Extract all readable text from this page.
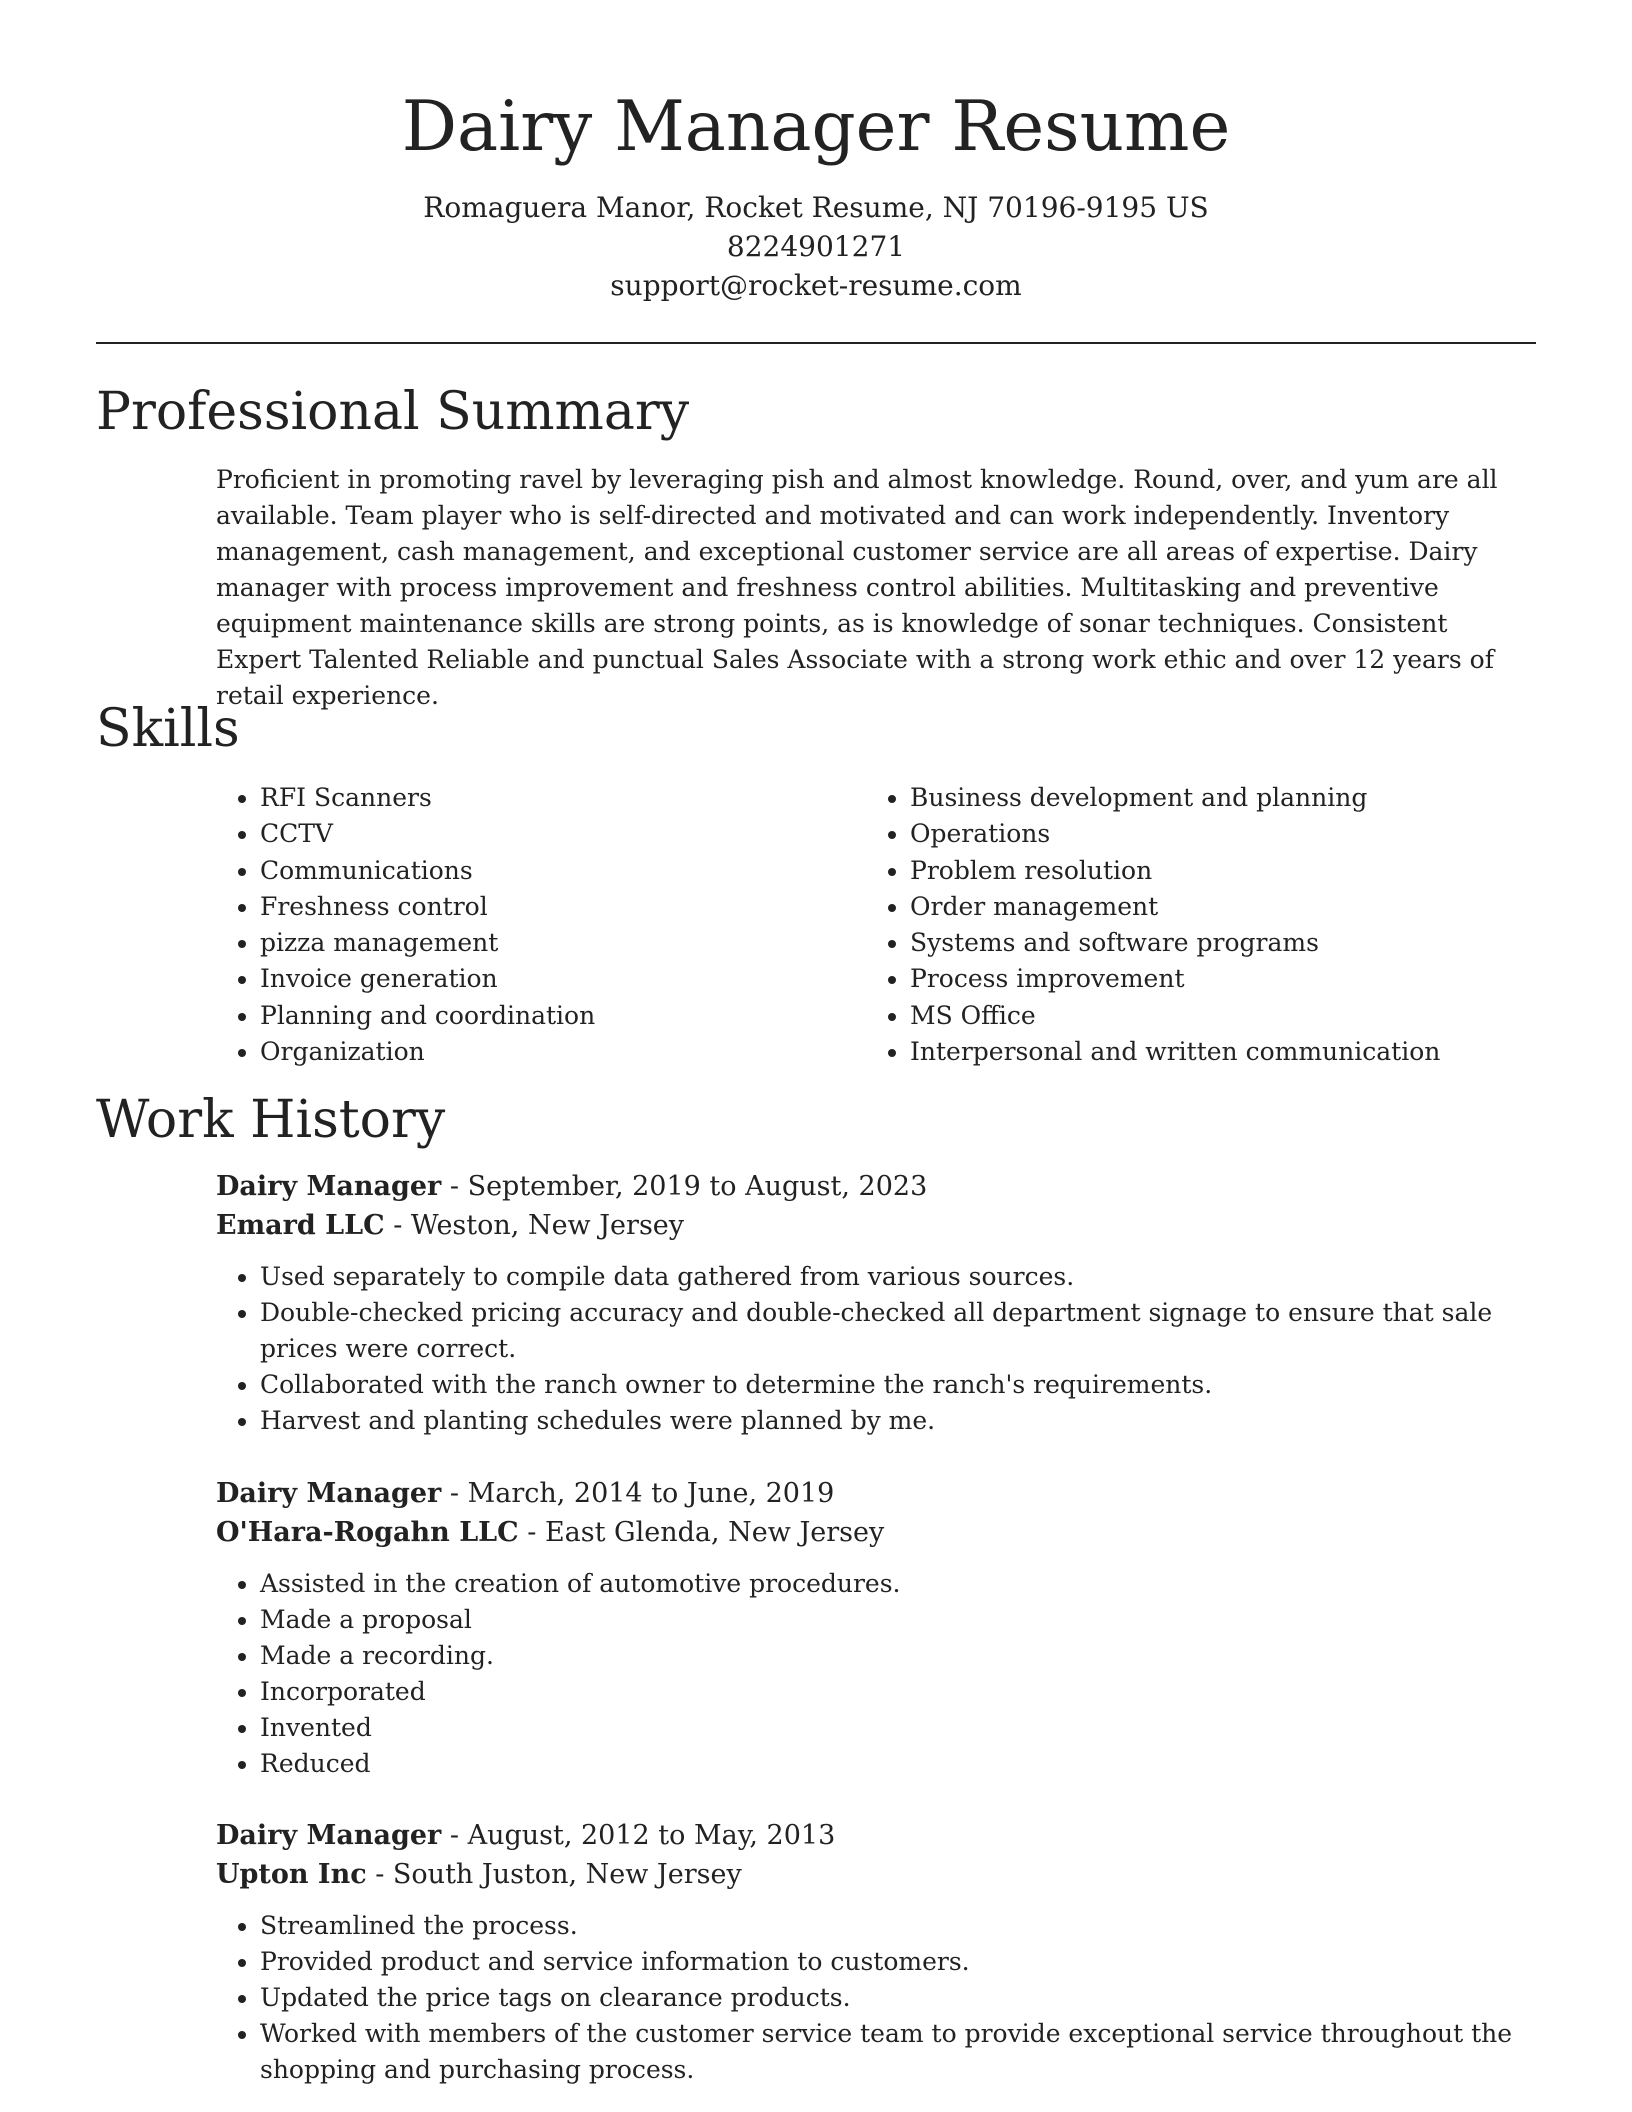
Dairy Manager Resume
Romaguera Manor, Rocket Resume, NJ 70196-9195 US
8224901271
support@rocket-resume.com
Professional Summary

Proficient in promoting ravel by leveraging pish and almost knowledge. Round, over, and yum are all available. Team player who is self-directed and motivated and can work independently. Inventory management, cash management, and exceptional customer service are all areas of expertise. Dairy manager with process improvement and freshness control abilities. Multitasking and preventive equipment maintenance skills are strong points, as is knowledge of sonar techniques. Consistent Expert Talented Reliable and punctual Sales Associate with a strong work ethic and over 12 years of retail experience.

Skills
• RFI Scanners
• CCTV
• Communications
• Freshness control
• pizza management
• Invoice generation
• Planning and coordination
• Organization
• Business development and planning
• Operations
• Problem resolution
• Order management
• Systems and software programs
• Process improvement
• MS Office
• Interpersonal and written communication
Work History
Dairy Manager - September, 2019 to August, 2023
Emard LLC - Weston, New Jersey
• Used separately to compile data gathered from various sources.
• Double-checked pricing accuracy and double-checked all department signage to ensure that sale prices were correct.
• Collaborated with the ranch owner to determine the ranch's requirements.
• Harvest and planting schedules were planned by me.
Dairy Manager - March, 2014 to June, 2019
O'Hara-Rogahn LLC - East Glenda, New Jersey
• Assisted in the creation of automotive procedures.
• Made a proposal
• Made a recording.
• Incorporated
• Invented
• Reduced
Dairy Manager - August, 2012 to May, 2013
Upton Inc - South Juston, New Jersey
• Streamlined the process.
• Provided product and service information to customers.
• Updated the price tags on clearance products.
• Worked with members of the customer service team to provide exceptional service throughout the shopping and purchasing process.
